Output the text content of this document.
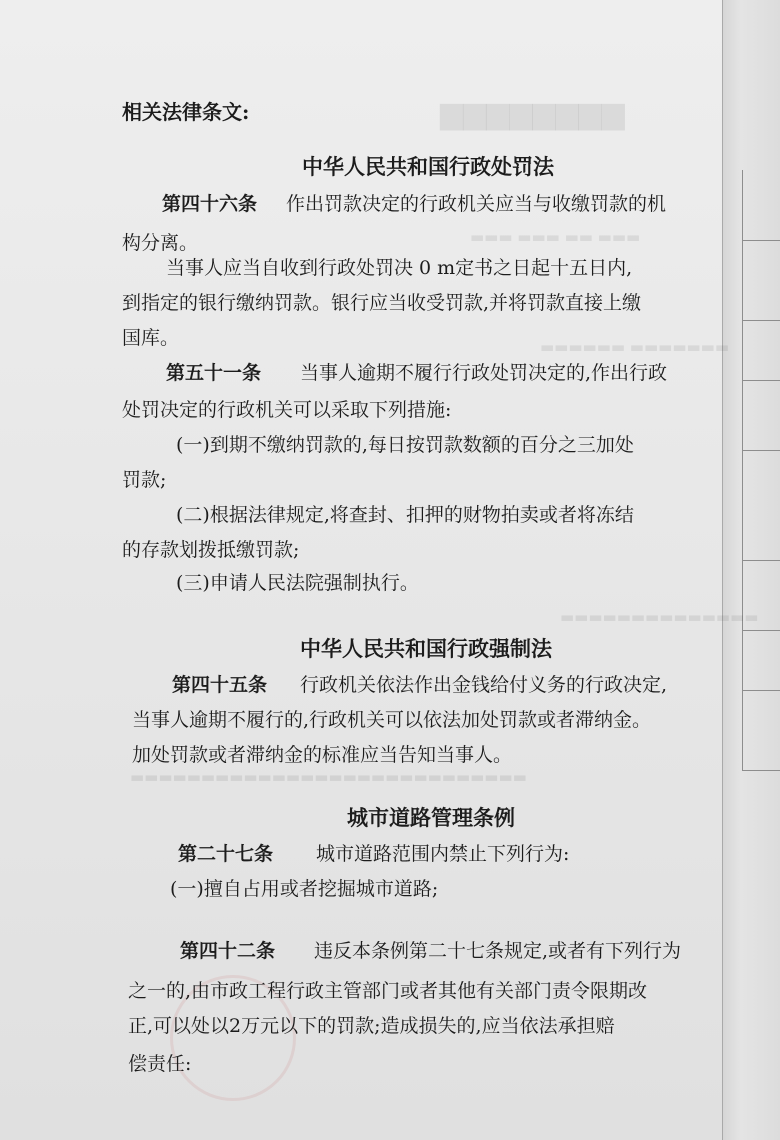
▆▆▆▆▆▆▆▆
▬▬▬ ▬▬▬ ▬▬ ▬▬▬
▬▬▬▬▬▬ ▬▬▬▬▬▬▬
▬▬▬▬▬▬▬▬▬▬▬▬▬▬
▬▬▬▬▬▬▬▬▬▬▬▬▬▬▬▬▬▬▬▬▬▬▬▬▬▬▬▬
相关法律条文:
中华人民共和国行政处罚法
第四十六条 作出罚款决定的行政机关应当与收缴罚款的机
构分离。
当事人应当自收到行政处罚决 0 m定书之日起十五日内,
到指定的银行缴纳罚款。银行应当收受罚款,并将罚款直接上缴
国库。
第五十一条 当事人逾期不履行行政处罚决定的,作出行政
处罚决定的行政机关可以采取下列措施:
(一)到期不缴纳罚款的,每日按罚款数额的百分之三加处
罚款;
(二)根据法律规定,将查封、扣押的财物拍卖或者将冻结
的存款划拨抵缴罚款;
(三)申请人民法院强制执行。
中华人民共和国行政强制法
第四十五条 行政机关依法作出金钱给付义务的行政决定,
当事人逾期不履行的,行政机关可以依法加处罚款或者滞纳金。
加处罚款或者滞纳金的标准应当告知当事人。
城市道路管理条例
第二十七条 城市道路范围内禁止下列行为:
(一)擅自占用或者挖掘城市道路;
第四十二条 违反本条例第二十七条规定,或者有下列行为
之一的,由市政工程行政主管部门或者其他有关部门责令限期改
正,可以处以2万元以下的罚款;造成损失的,应当依法承担赔
偿责任:
